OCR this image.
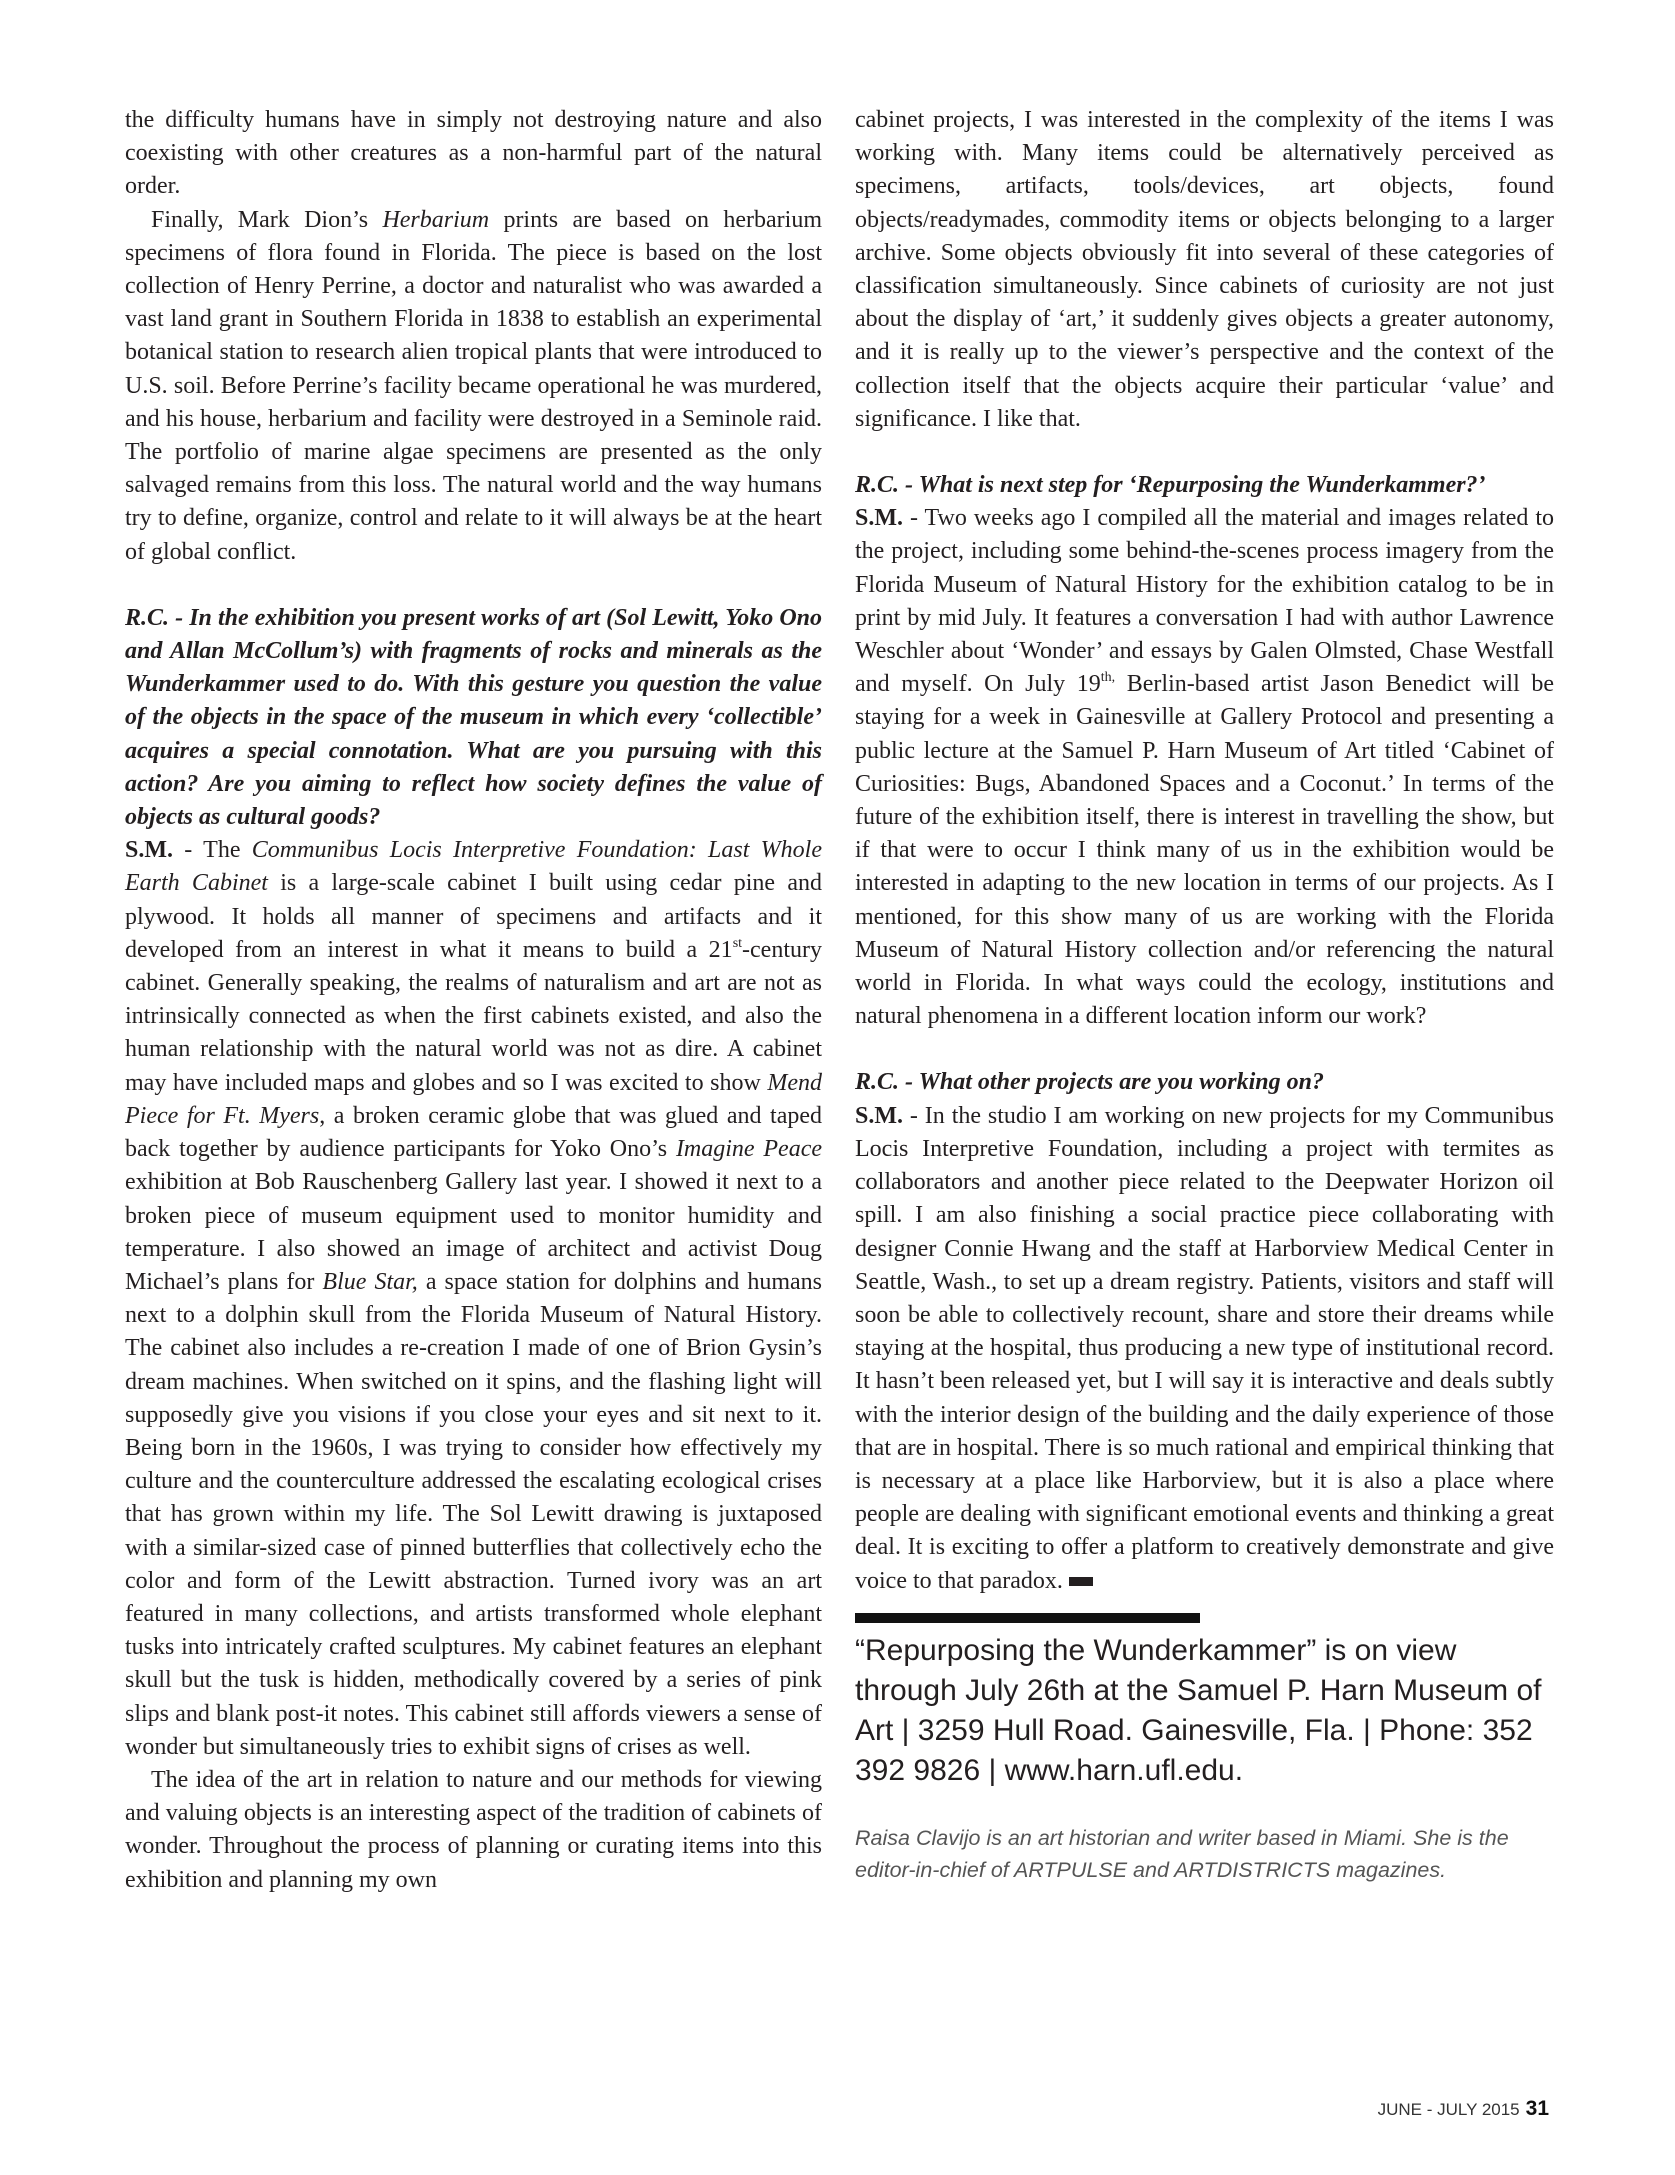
the difficulty humans have in simply not destroying nature and also coexisting with other creatures as a non-harmful part of the natural order.

Finally, Mark Dion’s Herbarium prints are based on herbarium specimens of flora found in Florida. The piece is based on the lost collection of Henry Perrine, a doctor and naturalist who was awarded a vast land grant in Southern Florida in 1838 to establish an experimental botanical station to research alien tropical plants that were introduced to U.S. soil. Before Perrine’s facility became operational he was murdered, and his house, herbarium and facility were destroyed in a Seminole raid. The portfolio of marine algae specimens are presented as the only salvaged remains from this loss. The natural world and the way humans try to define, organize, control and relate to it will always be at the heart of global conflict.

R.C. - In the exhibition you present works of art (Sol Lewitt, Yoko Ono and Allan McCollum’s) with fragments of rocks and minerals as the Wunderkammer used to do. With this gesture you question the value of the objects in the space of the museum in which every ‘collectible’ acquires a special connotation. What are you pursuing with this action? Are you aiming to reflect how society defines the value of objects as cultural goods?

S.M. - The Communibus Locis Interpretive Foundation: Last Whole Earth Cabinet is a large-scale cabinet I built using cedar pine and plywood. It holds all manner of specimens and artifacts and it developed from an interest in what it means to build a 21st-century cabinet. Generally speaking, the realms of naturalism and art are not as intrinsically connected as when the first cabinets existed, and also the human relationship with the natural world was not as dire. A cabinet may have included maps and globes and so I was excited to show Mend Piece for Ft. Myers, a broken ceramic globe that was glued and taped back together by audience participants for Yoko Ono’s Imagine Peace exhibition at Bob Rauschenberg Gallery last year. I showed it next to a broken piece of museum equipment used to monitor humidity and temperature. I also showed an image of architect and activist Doug Michael’s plans for Blue Star, a space station for dolphins and humans next to a dolphin skull from the Florida Museum of Natural History. The cabinet also includes a re-creation I made of one of Brion Gysin’s dream machines. When switched on it spins, and the flashing light will supposedly give you visions if you close your eyes and sit next to it. Being born in the 1960s, I was trying to consider how effectively my culture and the counterculture addressed the escalating ecological crises that has grown within my life. The Sol Lewitt drawing is juxtaposed with a similar-sized case of pinned butterflies that collectively echo the color and form of the Lewitt abstraction. Turned ivory was an art featured in many collections, and artists transformed whole elephant tusks into intricately crafted sculptures. My cabinet features an elephant skull but the tusk is hidden, methodically covered by a series of pink slips and blank post-it notes. This cabinet still affords viewers a sense of wonder but simultaneously tries to exhibit signs of crises as well.

The idea of the art in relation to nature and our methods for viewing and valuing objects is an interesting aspect of the tradition of cabinets of wonder. Throughout the process of planning or curating items into this exhibition and planning my own

cabinet projects, I was interested in the complexity of the items I was working with. Many items could be alternatively perceived as specimens, artifacts, tools/devices, art objects, found objects/readymades, commodity items or objects belonging to a larger archive. Some objects obviously fit into several of these categories of classification simultaneously. Since cabinets of curiosity are not just about the display of ‘art,’ it suddenly gives objects a greater autonomy, and it is really up to the viewer’s perspective and the context of the collection itself that the objects acquire their particular ‘value’ and significance. I like that.

R.C. - What is next step for ‘Repurposing the Wunderkammer?’

S.M. - Two weeks ago I compiled all the material and images related to the project, including some behind-the-scenes process imagery from the Florida Museum of Natural History for the exhibition catalog to be in print by mid July. It features a conversation I had with author Lawrence Weschler about ‘Wonder’ and essays by Galen Olmsted, Chase Westfall and myself. On July $19^{th,}$ Berlin-based artist Jason Benedict will be staying for a week in Gainesville at Gallery Protocol and presenting a public lecture at the Samuel P. Harn Museum of Art titled ‘Cabinet of Curiosities: Bugs, Abandoned Spaces and a Coconut.’ In terms of the future of the exhibition itself, there is interest in travelling the show, but if that were to occur I think many of us in the exhibition would be interested in adapting to the new location in terms of our projects. As I mentioned, for this show many of us are working with the Florida Museum of Natural History collection and/or referencing the natural world in Florida. In what ways could the ecology, institutions and natural phenomena in a different location inform our work?

R.C. - What other projects are you working on?

S.M. - In the studio I am working on new projects for my Communibus Locis Interpretive Foundation, including a project with termites as collaborators and another piece related to the Deepwater Horizon oil spill. I am also finishing a social practice piece collaborating with designer Connie Hwang and the staff at Harborview Medical Center in Seattle, Wash., to set up a dream registry. Patients, visitors and staff will soon be able to collectively recount, share and store their dreams while staying at the hospital, thus producing a new type of institutional record. It hasn’t been released yet, but I will say it is interactive and deals subtly with the interior design of the building and the daily experience of those that are in hospital. There is so much rational and empirical thinking that is necessary at a place like Harborview, but it is also a place where people are dealing with significant emotional events and thinking a great deal. It is exciting to offer a platform to creatively demonstrate and give voice to that paradox.

“Repurposing the Wunderkammer” is on view through July 26th at the Samuel P. Harn Museum of Art | 3259 Hull Road. Gainesville, Fla. | Phone: 352 392 9826 | www.harn.ufl.edu.

Raisa Clavijo is an art historian and writer based in Miami. She is the editor-in-chief of ARTPULSE and ARTDISTRICTS magazines.

JUNE - JULY 2015 31
